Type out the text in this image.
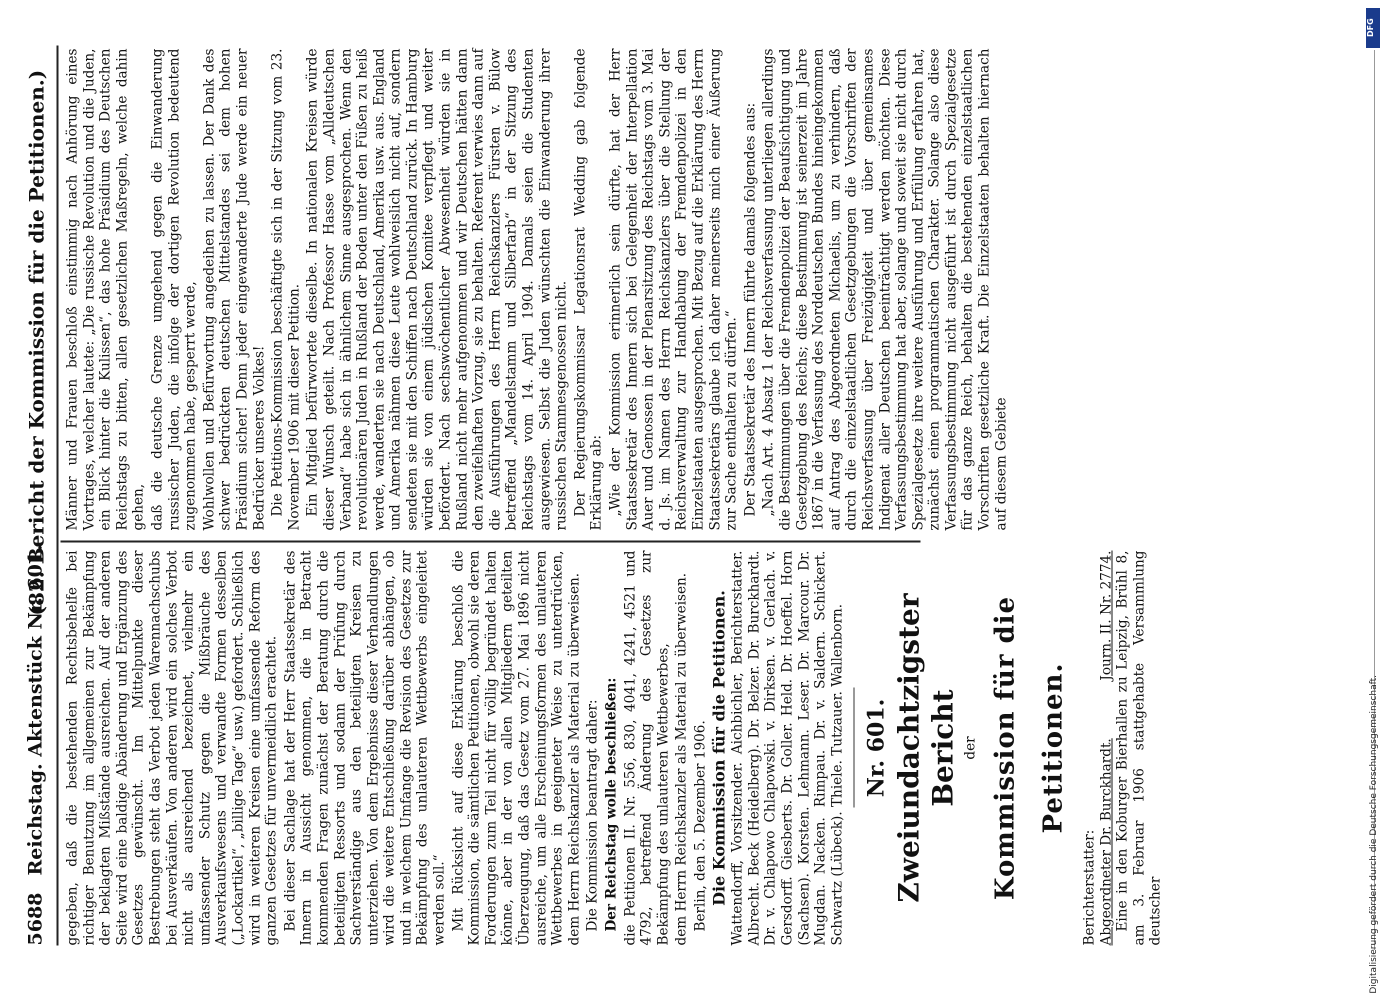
5688
Reichstag. Aktenstück Nr. 601.
(82. Bericht der Kommission für die Petitionen.)

gegeben, daß die bestehenden Rechtsbehelfe bei richtiger Benutzung im allgemeinen zur Bekämpfung der beklagten Mißstände ausreichen. Auf der anderen Seite wird eine baldige Abänderung und Ergänzung des Gesetzes gewünscht. Im Mittelpunkte dieser Bestrebungen steht das Verbot jeden Warennachschubs bei Ausverkäufen. Von anderen wird ein solches Verbot nicht als ausreichend bezeichnet, vielmehr ein umfassender Schutz gegen die Mißbräuche des Ausverkaufswesens und verwandte Formen desselben („Lockartikel“, „billige Tage“ usw.) gefordert. Schließlich wird in weiteren Kreisen eine umfassende Reform des ganzen Gesetzes für unvermeidlich erachtet. Bei dieser Sachlage hat der Herr Staatssekretär des Innern in Aussicht genommen, die in Betracht kommenden Fragen zunächst der Beratung durch die beteiligten Ressorts und sodann der Prüfung durch Sachverständige aus den beteiligten Kreisen zu unterziehen. Von dem Ergebnisse dieser Verhandlungen wird die weitere Entschließung darüber abhängen, ob und in welchem Umfange die Revision des Gesetzes zur Bekämpfung des unlauteren Wettbewerbs eingeleitet werden soll.“ Mit Rücksicht auf diese Erklärung beschloß die Kommission, die sämtlichen Petitionen, obwohl sie deren Forderungen zum Teil nicht für völlig begründet halten könne, aber in der von allen Mitgliedern geteilten Überzeugung, daß das Gesetz vom 27. Mai 1896 nicht ausreiche, um alle Erscheinungsformen des unlauteren Wettbewerbes in geeigneter Weise zu unterdrücken, dem Herrn Reichskanzler als Material zu überweisen. Die Kommission beantragt daher: Der Reichstag wolle beschließen: die Petitionen II. Nr. 556, 830, 4041, 4241, 4521 und 4792, betreffend Änderung des Gesetzes zur Bekämpfung des unlauteren Wettbewerbes, dem Herrn Reichskanzler als Material zu überweisen. Berlin, den 5. Dezember 1906. Die Kommission für die Petitionen. Wattendorff, Vorsitzender. Aichbichler, Berichterstatter. Albrecht. Beck (Heidelberg). Dr. Belzer. Dr. Burckhardt. Dr. v. Chlapowo Chlapowski. v. Dirksen. v. Gerlach. v. Gersdorff. Giesberts. Dr. Goller. Held. Dr. Hoeffel. Horn (Sachsen). Korsten. Lehmann. Leser. Dr. Marcour. Dr. Mugdan. Nacken. Rimpau. Dr. v. Saldern. Schickert. Schwartz (Lübeck). Thiele. Tutzauer. Wallenborn. Nr. 601. Zweiundachtzigster Bericht der Kommission für die Petitionen.

Berichterstatter: Abgeordneter Dr. Burckhardt.
Journ. II. Nr. 2774. Eine in den Koburger Bierhallen zu Leipzig, Brühl 8, am 3. Februar 1906 stattgehabte Versammlung deutscher

Männer und Frauen beschloß einstimmig nach Anhörung eines Vortrages, welcher lautete: „Die russische Revolution und die Juden, ein Blick hinter die Kulissen“, das hohe Präsidium des Deutschen Reichstags zu bitten, allen gesetzlichen Maßregeln, welche dahin gehen, daß die deutsche Grenze umgehend gegen die Einwanderung russischer Juden, die infolge der dortigen Revolution bedeutend zugenommen habe, gesperrt werde, Wohlwollen und Befürwortung angedeihen zu lassen. Der Dank des schwer bedrückten deutschen Mittelstandes sei dem hohen Präsidium sicher! Denn jeder eingewanderte Jude werde ein neuer Bedrücker unseres Volkes! Die Petitions-Kommission beschäftigte sich in der Sitzung vom 23. November 1906 mit dieser Petition. Ein Mitglied befürwortete dieselbe. In nationalen Kreisen würde dieser Wunsch geteilt. Nach Professor Hasse vom „Alldeutschen Verband“ habe sich in ähnlichem Sinne ausgesprochen. Wenn den revolutionären Juden in Rußland der Boden unter den Füßen zu heiß werde, wanderten sie nach Deutschland, Amerika usw. aus. England und Amerika nähmen diese Leute wohlweislich nicht auf, sondern sendeten sie mit den Schiffen nach Deutschland zurück. In Hamburg würden sie von einem jüdischen Komitee verpflegt und weiter befördert. Nach sechswöchentlicher Abwesenheit würden sie in Rußland nicht mehr aufgenommen und wir Deutschen hätten dann den zweifelhaften Vorzug, sie zu behalten. Referent verwies dann auf die Ausführungen des Herrn Reichskanzlers Fürsten v. Bülow betreffend „Mandelstamm und Silberfarb“ in der Sitzung des Reichstags vom 14. April 1904. Damals seien die Studenten ausgewiesen. Selbst die Juden wünschten die Einwanderung ihrer russischen Stammesgenossen nicht. Der Regierungskommissar Legationsrat Wedding gab folgende Erklärung ab: „Wie der Kommission erinnerlich sein dürfte, hat der Herr Staatssekretär des Innern sich bei Gelegenheit der Interpellation Auer und Genossen in der Plenarsitzung des Reichstags vom 3. Mai d. Js. im Namen des Herrn Reichskanzlers über die Stellung der Reichsverwaltung zur Handhabung der Fremdenpolizei in den Einzelstaaten ausgesprochen. Mit Bezug auf die Erklärung des Herrn Staatssekretärs glaube ich daher meinerseits mich einer Äußerung zur Sache enthalten zu dürfen.“ Der Staatssekretär des Innern führte damals folgendes aus: „Nach Art. 4 Absatz 1 der Reichsverfassung unterliegen allerdings die Bestimmungen über die Fremdenpolizei der Beaufsichtigung und Gesetzgebung des Reichs; diese Bestimmung ist seinerzeit im Jahre 1867 in die Verfassung des Norddeutschen Bundes hineingekommen auf Antrag des Abgeordneten Michaelis, um zu verhindern, daß durch die einzelstaatlichen Gesetzgebungen die Vorschriften der Reichsverfassung über Freizügigkeit und über gemeinsames Indigenat aller Deutschen beeinträchtigt werden möchten. Diese Verfassungsbestimmung hat aber, solange und soweit sie nicht durch Spezialgesetze ihre weitere Ausführung und Erfüllung erfahren hat, zunächst einen programmatischen Charakter. Solange also diese Verfassungsbestimmung nicht ausgeführt ist durch Spezialgesetze für das ganze Reich, behalten die bestehenden einzelstaatlichen Vorschriften gesetzliche Kraft. Die Einzelstaaten behalten hiernach auf diesem Gebiete

DFG
Digitalisierung gefördert durch die Deutsche Forschungsgemeinschaft.
